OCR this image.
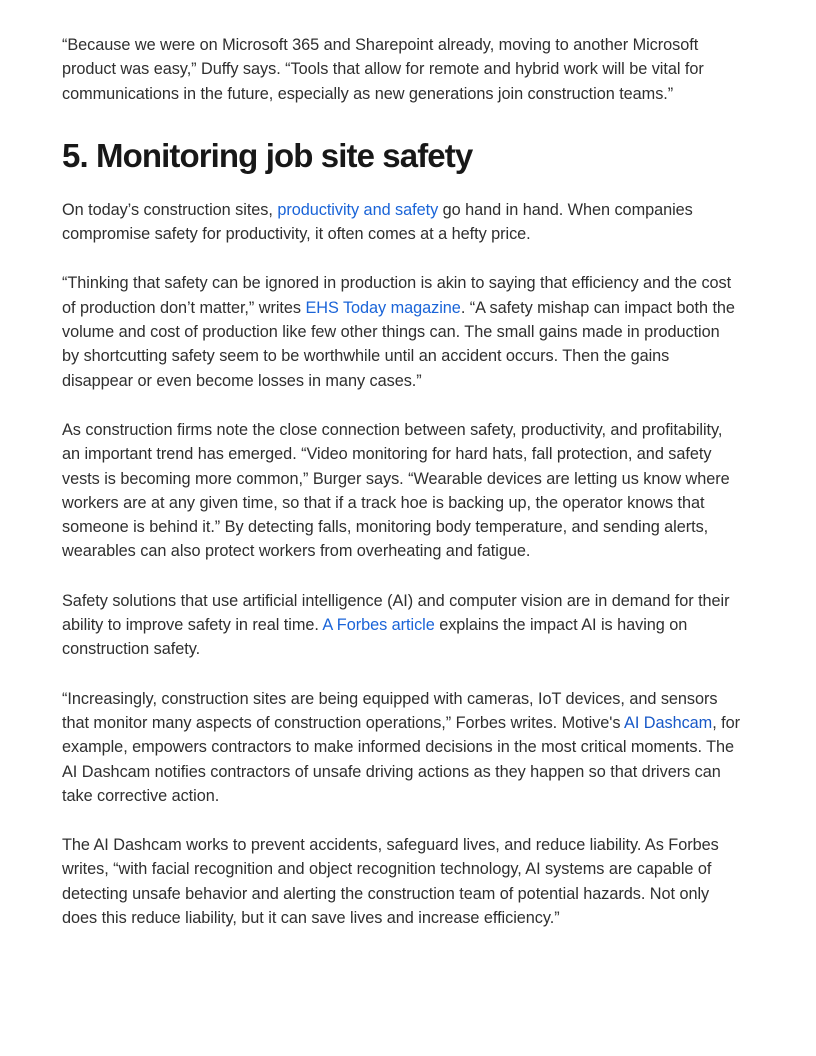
“Because we were on Microsoft 365 and Sharepoint already, moving to another Microsoft product was easy,” Duffy says. “Tools that allow for remote and hybrid work will be vital for communications in the future, especially as new generations join construction teams.”

5. Monitoring job site safety

On today’s construction sites, productivity and safety go hand in hand. When companies compromise safety for productivity, it often comes at a hefty price.

“Thinking that safety can be ignored in production is akin to saying that efficiency and the cost of production don’t matter,” writes EHS Today magazine. “A safety mishap can impact both the volume and cost of production like few other things can. The small gains made in production by shortcutting safety seem to be worthwhile until an accident occurs. Then the gains disappear or even become losses in many cases.”

As construction firms note the close connection between safety, productivity, and profitability, an important trend has emerged. “Video monitoring for hard hats, fall protection, and safety vests is becoming more common,” Burger says. “Wearable devices are letting us know where workers are at any given time, so that if a track hoe is backing up, the operator knows that someone is behind it.” By detecting falls, monitoring body temperature, and sending alerts, wearables can also protect workers from overheating and fatigue.

Safety solutions that use artificial intelligence (AI) and computer vision are in demand for their ability to improve safety in real time. A Forbes article explains the impact AI is having on construction safety.

“Increasingly, construction sites are being equipped with cameras, IoT devices, and sensors that monitor many aspects of construction operations,” Forbes writes. Motive's AI Dashcam, for example, empowers contractors to make informed decisions in the most critical moments. The AI Dashcam notifies contractors of unsafe driving actions as they happen so that drivers can take corrective action.

The AI Dashcam works to prevent accidents, safeguard lives, and reduce liability. As Forbes writes, “with facial recognition and object recognition technology, AI systems are capable of detecting unsafe behavior and alerting the construction team of potential hazards. Not only does this reduce liability, but it can save lives and increase efficiency.”
